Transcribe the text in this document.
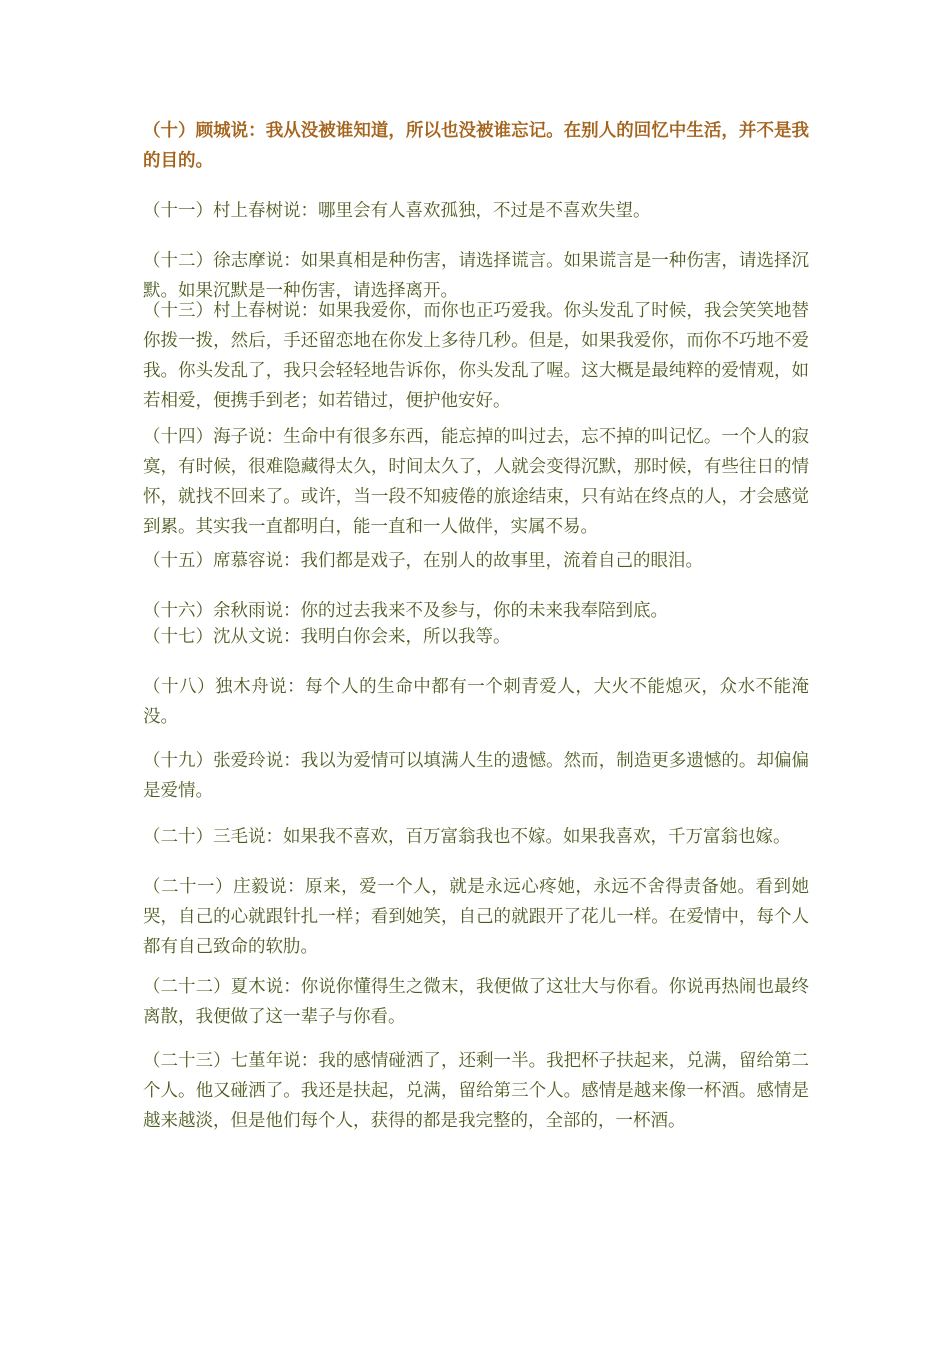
（十）顾城说：我从没被谁知道，所以也没被谁忘记。在别人的回忆中生活，并不是我的目的。

（十一）村上春树说：哪里会有人喜欢孤独，不过是不喜欢失望。

（十二）徐志摩说：如果真相是种伤害，请选择谎言。如果谎言是一种伤害，请选择沉默。如果沉默是一种伤害，请选择离开。

（十三）村上春树说：如果我爱你，而你也正巧爱我。你头发乱了时候，我会笑笑地替你拨一拨，然后，手还留恋地在你发上多待几秒。但是，如果我爱你，而你不巧地不爱我。你头发乱了，我只会轻轻地告诉你，你头发乱了喔。这大概是最纯粹的爱情观，如若相爱，便携手到老；如若错过，便护他安好。

（十四）海子说：生命中有很多东西，能忘掉的叫过去，忘不掉的叫记忆。一个人的寂寞，有时候，很难隐藏得太久，时间太久了，人就会变得沉默，那时候，有些往日的情怀，就找不回来了。或许，当一段不知疲倦的旅途结束，只有站在终点的人，才会感觉到累。其实我一直都明白，能一直和一人做伴，实属不易。

（十五）席慕容说：我们都是戏子，在别人的故事里，流着自己的眼泪。

（十六）余秋雨说：你的过去我来不及参与，你的未来我奉陪到底。

（十七）沈从文说：我明白你会来，所以我等。

（十八）独木舟说：每个人的生命中都有一个刺青爱人，大火不能熄灭，众水不能淹没。

（十九）张爱玲说：我以为爱情可以填满人生的遗憾。然而，制造更多遗憾的。却偏偏是爱情。

（二十）三毛说：如果我不喜欢，百万富翁我也不嫁。如果我喜欢，千万富翁也嫁。

（二十一）庄毅说：原来，爱一个人，就是永远心疼她，永远不舍得责备她。看到她哭，自己的心就跟针扎一样；看到她笑，自己的就跟开了花儿一样。在爱情中，每个人都有自己致命的软肋。

（二十二）夏木说：你说你懂得生之微末，我便做了这壮大与你看。你说再热闹也最终离散，我便做了这一辈子与你看。

（二十三）七堇年说：我的感情碰洒了，还剩一半。我把杯子扶起来，兑满，留给第二个人。他又碰洒了。我还是扶起，兑满，留给第三个人。感情是越来像一杯酒。感情是越来越淡，但是他们每个人，获得的都是我完整的，全部的，一杯酒。
